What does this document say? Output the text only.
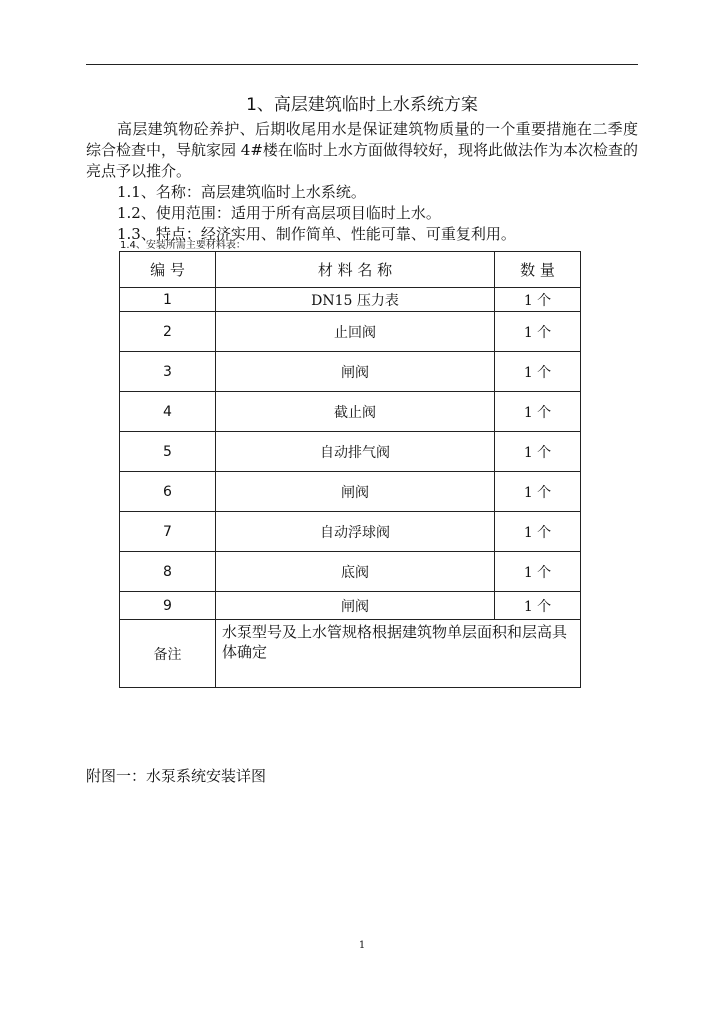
1、高层建筑临时上水系统方案
高层建筑物砼养护、后期收尾用水是保证建筑物质量的一个重要措施在二季度综合检查中，导航家园 4#楼在临时上水方面做得较好，现将此做法作为本次检查的亮点予以推介。
1.1、名称：高层建筑临时上水系统。
1.2、使用范围：适用于所有高层项目临时上水。
1.3、特点：经济实用、制作简单、性能可靠、可重复利用。
1.4、安装所需主要材料表：
编 号	材 料 名 称	数 量
1	DN15 压力表	1 个
2	止回阀	1 个
3	闸阀	1 个
4	截止阀	1 个
5	自动排气阀	1 个
6	闸阀	1 个
7	自动浮球阀	1 个
8	底阀	1 个
9	闸阀	1 个
备注	水泵型号及上水管规格根据建筑物单层面积和层高具体确定	
附图一：水泵系统安装详图
1
